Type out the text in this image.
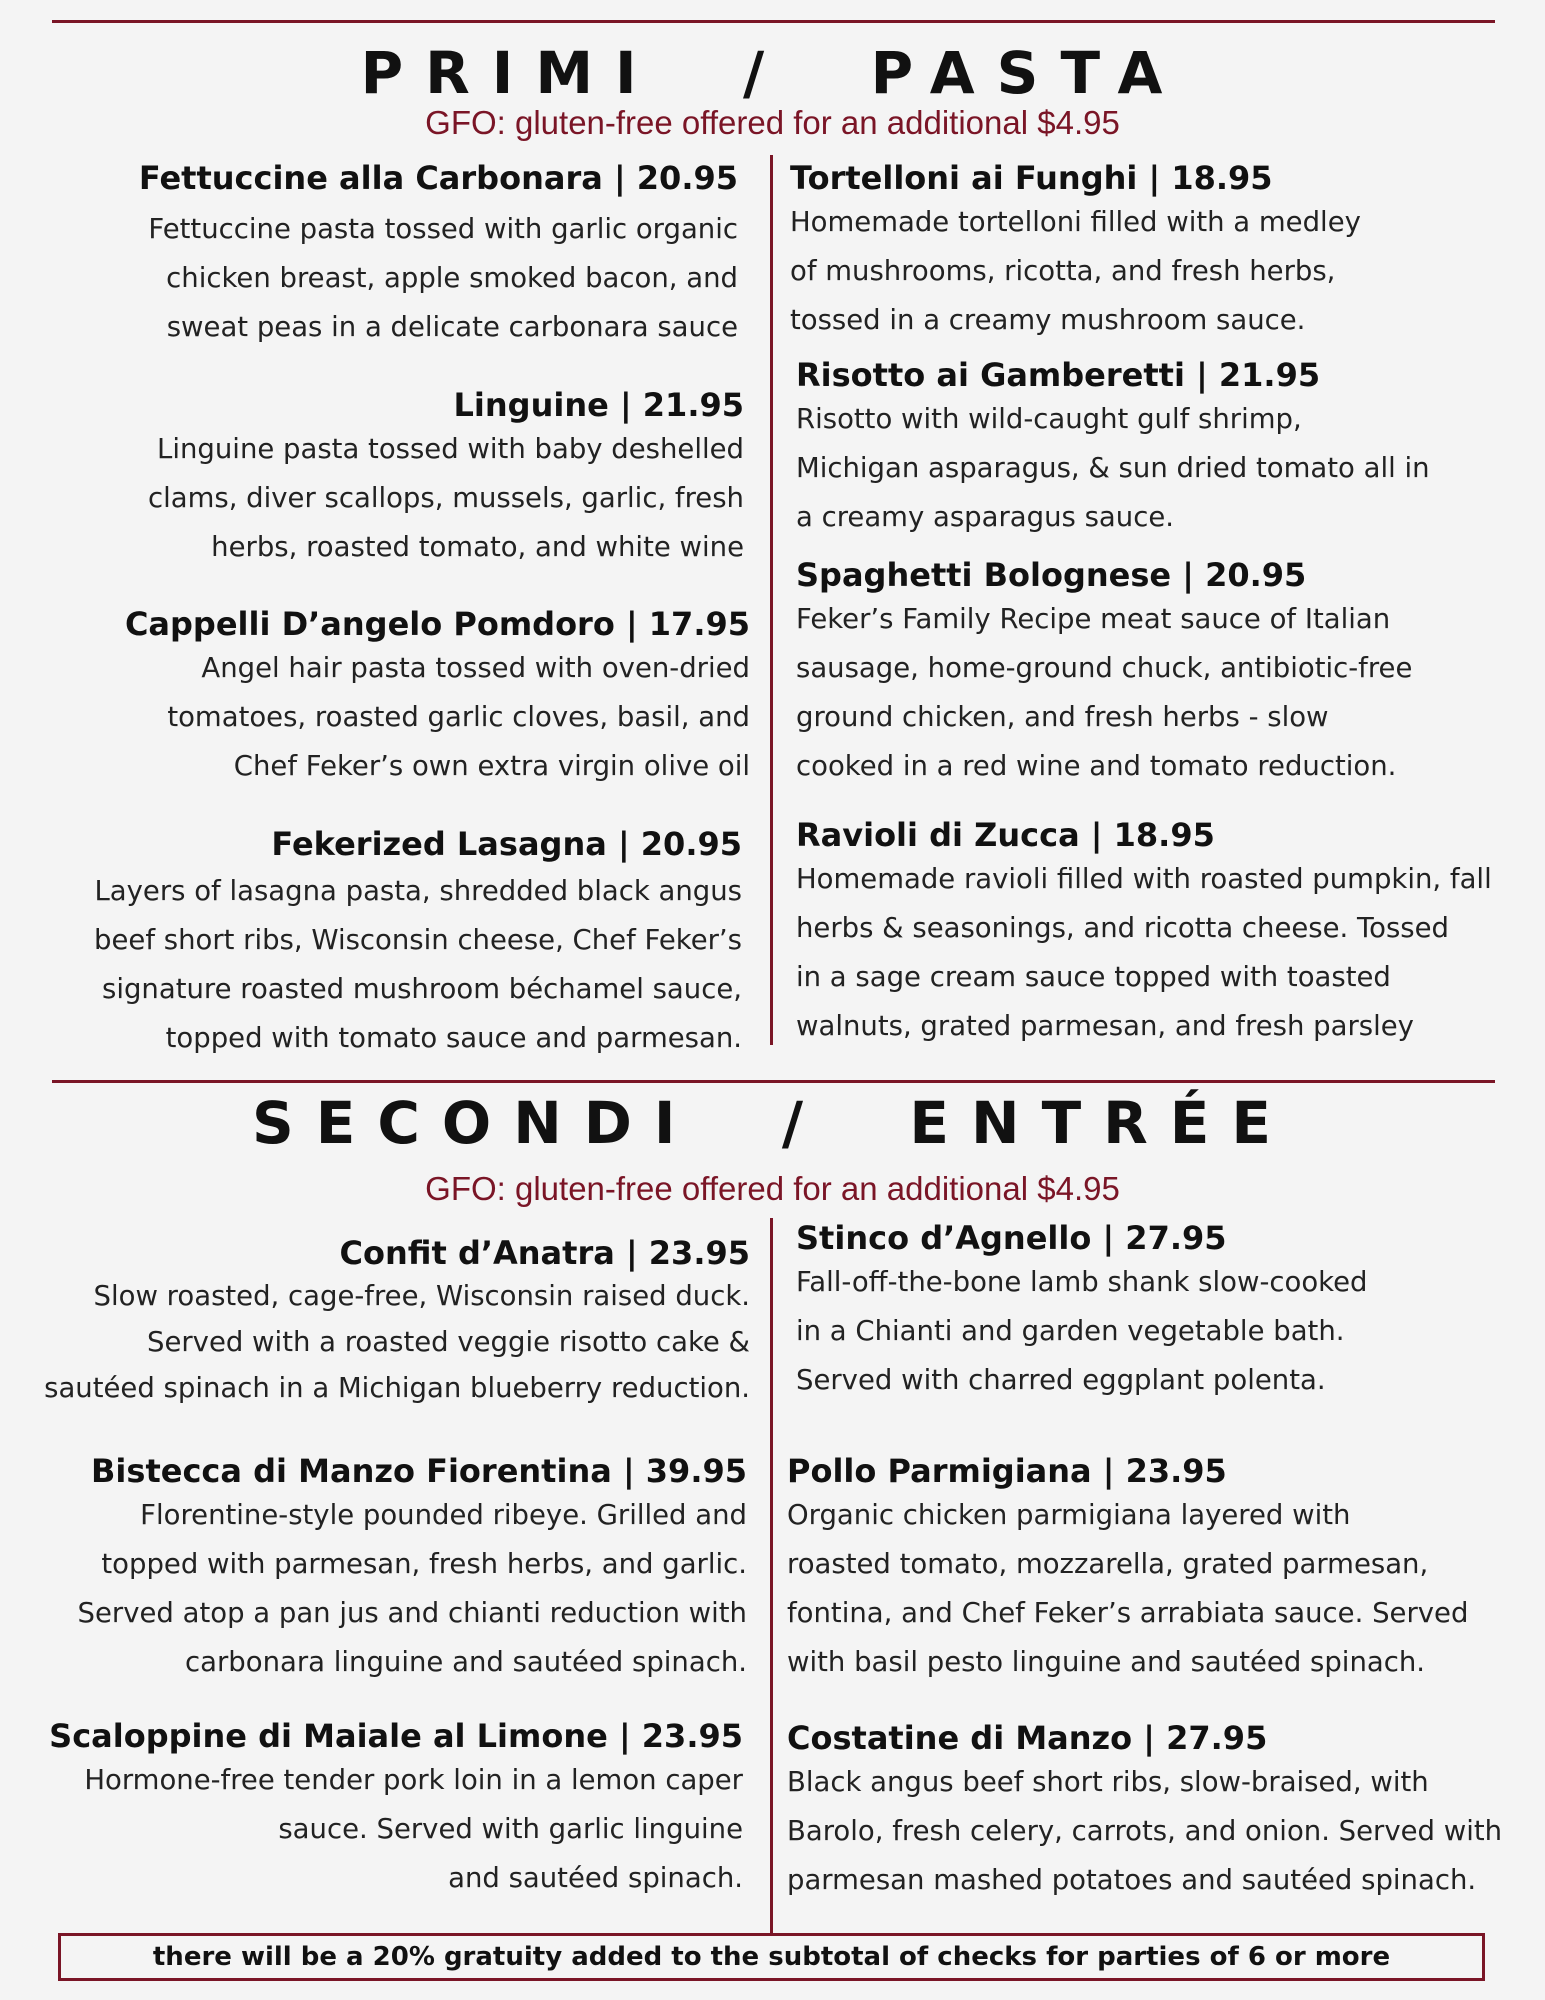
PRIMI  /  PASTA
GFO: gluten-free offered for an additional $4.95
Fettuccine alla Carbonara | 20.95
Fettuccine pasta tossed with garlic organic
chicken breast, apple smoked bacon, and
sweat peas in a delicate carbonara sauce
Linguine | 21.95
Linguine pasta tossed with baby deshelled
clams, diver scallops, mussels, garlic, fresh
herbs, roasted tomato, and white wine
Cappelli D’angelo Pomdoro | 17.95
Angel hair pasta tossed with oven-dried
tomatoes, roasted garlic cloves, basil, and
Chef Feker’s own extra virgin olive oil
Fekerized Lasagna | 20.95
Layers of lasagna pasta, shredded black angus
beef short ribs, Wisconsin cheese, Chef Feker’s
signature roasted mushroom béchamel sauce,
topped with tomato sauce and parmesan.
Tortelloni ai Funghi | 18.95
Homemade tortelloni filled with a medley
of mushrooms, ricotta, and fresh herbs,
tossed in a creamy mushroom sauce.
Risotto ai Gamberetti | 21.95
Risotto with wild-caught gulf shrimp,
Michigan asparagus, & sun dried tomato all in
a creamy asparagus sauce.
Spaghetti Bolognese | 20.95
Feker’s Family Recipe meat sauce of Italian
sausage, home-ground chuck, antibiotic-free
ground chicken, and fresh herbs - slow
cooked in a red wine and tomato reduction.
Ravioli di Zucca | 18.95
Homemade ravioli filled with roasted pumpkin, fall
herbs & seasonings, and ricotta cheese. Tossed
in a sage cream sauce topped with toasted
walnuts, grated parmesan, and fresh parsley
SECONDI  /  ENTRÉE
GFO: gluten-free offered for an additional $4.95
Confit d’Anatra | 23.95
Slow roasted, cage-free, Wisconsin raised duck.
Served with a roasted veggie risotto cake &
sautéed spinach in a Michigan blueberry reduction.
Bistecca di Manzo Fiorentina | 39.95
Florentine-style pounded ribeye. Grilled and
topped with parmesan, fresh herbs, and garlic.
Served atop a pan jus and chianti reduction with
carbonara linguine and sautéed spinach.
Scaloppine di Maiale al Limone | 23.95
Hormone-free tender pork loin in a lemon caper
sauce. Served with garlic linguine
and sautéed spinach.
Stinco d’Agnello | 27.95
Fall-off-the-bone lamb shank slow-cooked
in a Chianti and garden vegetable bath.
Served with charred eggplant polenta.
Pollo Parmigiana | 23.95
Organic chicken parmigiana layered with
roasted tomato, mozzarella, grated parmesan,
fontina, and Chef Feker’s arrabiata sauce. Served
with basil pesto linguine and sautéed spinach.
Costatine di Manzo | 27.95
Black angus beef short ribs, slow-braised, with
Barolo, fresh celery, carrots, and onion. Served with
parmesan mashed potatoes and sautéed spinach.
there will be a 20% gratuity added to the subtotal of checks for parties of 6 or more
